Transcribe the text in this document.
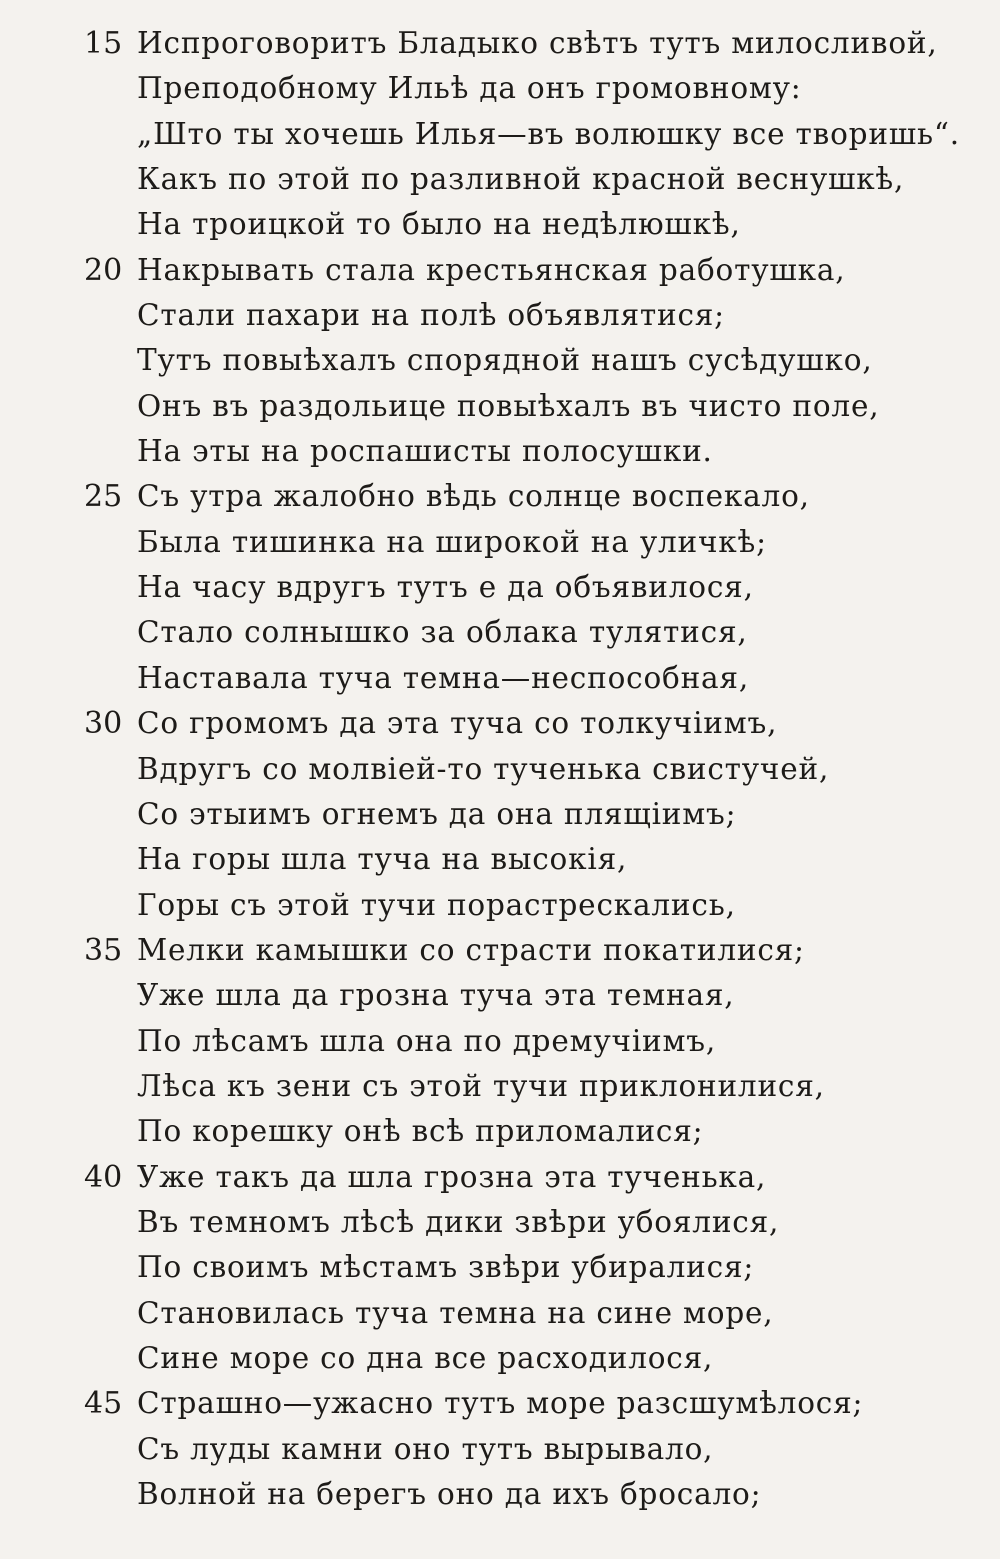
15 Испроговоритъ Бладыко свѣтъ тутъ милосливой,
Преподобному Ильѣ да онъ громовному:
„Што ты хочешь Илья—въ волюшку все творишь“.
Какъ по этой по разливной красной веснушкѣ,
На троицкой то было на недѣлюшкѣ,
20 Накрывать стала крестьянская работушка,
Стали пахари на полѣ объявлятися;
Тутъ повыѣхалъ спорядной нашъ сусѣдушко,
Онъ въ раздольице повыѣхалъ въ чисто поле,
На эты на роспашисты полосушки.
25 Съ утра жалобно вѣдь солнце воспекало,
Была тишинка на широкой на уличкѣ;
На часу вдругъ тутъ е да объявилося,
Стало солнышко за облака тулятися,
Наставала туча темна—неспособная,
30 Со громомъ да эта туча со толкучіимъ,
Вдругъ со молвіей-то тученька свистучей,
Со этыимъ огнемъ да она плящіимъ;
На горы шла туча на высокія,
Горы съ этой тучи порастрескались,
35 Мелки камышки со страсти покатилися;
Уже шла да грозна туча эта темная,
По лѣсамъ шла она по дремучіимъ,
Лѣса къ зени съ этой тучи приклонилися,
По корешку онѣ всѣ приломалися;
40 Уже такъ да шла грозна эта тученька,
Въ темномъ лѣсѣ дики звѣри убоялися,
По своимъ мѣстамъ звѣри убиралися;
Становилась туча темна на сине море,
Сине море со дна все расходилося,
45 Страшно—ужасно тутъ море разсшумѣлося;
Съ луды камни оно тутъ вырывало,
Волной на берегъ оно да ихъ бросало;
